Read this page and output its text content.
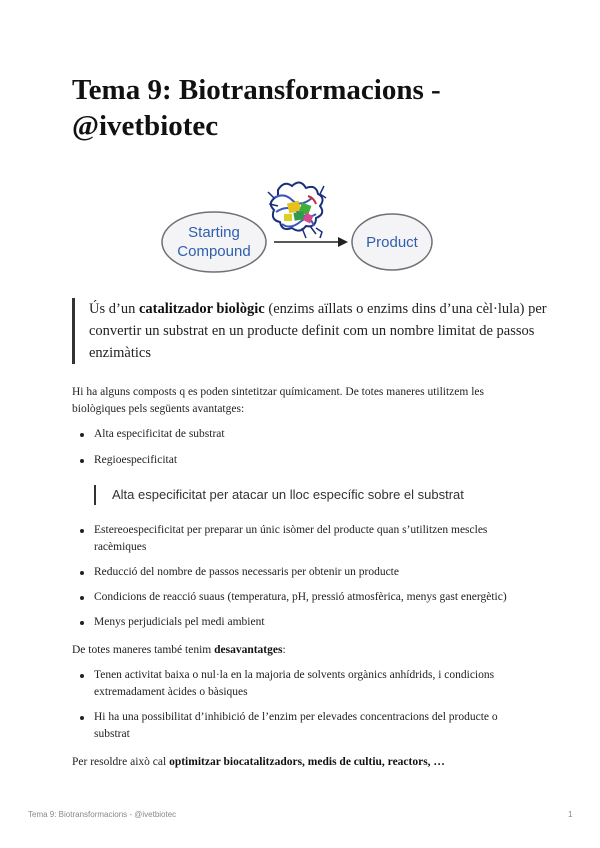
Tema 9: Biotransformacions - @ivetbiotec
Starting
Compound
Product
Ús d’un catalitzador biològic (enzims aïllats o enzims dins d’una cèl·lula) per convertir un substrat en un producte definit com un nombre limitat de passos enzimàtics
Hi ha alguns composts q es poden sintetitzar químicament. De totes maneres utilitzem les biològiques pels següents avantatges:
Alta especificitat de substrat
Regioespecificitat
Alta especificitat per atacar un lloc específic sobre el substrat
Estereoespecificitat per preparar un únic isòmer del producte quan s’utilitzen mescles racèmiques
Reducció del nombre de passos necessaris per obtenir un producte
Condicions de reacció suaus (temperatura, pH, pressió atmosfèrica, menys gast energètic)
Menys perjudicials pel medi ambient
De totes maneres també tenim desavantatges:
Tenen activitat baixa o nul·la en la majoria de solvents orgànics anhídrids, i condicions extremadament àcides o bàsiques
Hi ha una possibilitat d’inhibició de l’enzim per elevades concentracions del producte o substrat
Per resoldre això cal optimitzar biocatalitzadors, medis de cultiu, reactors, …
Tema 9: Biotransformacions - @ivetbiotec	1
